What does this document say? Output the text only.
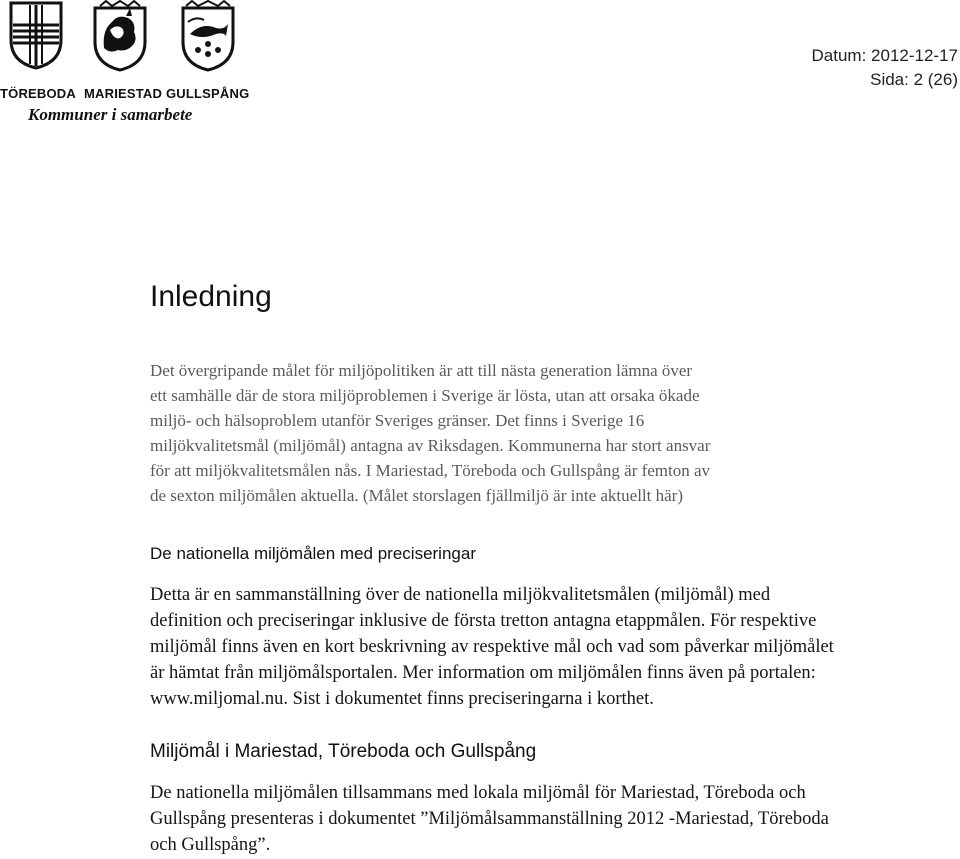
TÖREBODA MARIESTAD GULLSPÅNG
Kommuner i samarbete
Datum: 2012-12-17
Sida: 2 (26)
Inledning
Det övergripande målet för miljöpolitiken är att till nästa generation lämna över
ett samhälle där de stora miljöproblemen i Sverige är lösta, utan att orsaka ökade
miljö- och hälsoproblem utanför Sveriges gränser. Det finns i Sverige 16
miljökvalitetsmål (miljömål) antagna av Riksdagen. Kommunerna har stort ansvar
för att miljökvalitetsmålen nås. I Mariestad, Töreboda och Gullspång är femton av
de sexton miljömålen aktuella. (Målet storslagen fjällmiljö är inte aktuellt här)
De nationella miljömålen med preciseringar
Detta är en sammanställning över de nationella miljökvalitetsmålen (miljömål) med
definition och preciseringar inklusive de första tretton antagna etappmålen. För respektive
miljömål finns även en kort beskrivning av respektive mål och vad som påverkar miljömålet
är hämtat från miljömålsportalen. Mer information om miljömålen finns även på portalen:
www.miljomal.nu. Sist i dokumentet finns preciseringarna i korthet.
Miljömål i Mariestad, Töreboda och Gullspång
De nationella miljömålen tillsammans med lokala miljömål för Mariestad, Töreboda och
Gullspång presenteras i dokumentet ”Miljömålsammanställning 2012 -Mariestad, Töreboda
och Gullspång”.
